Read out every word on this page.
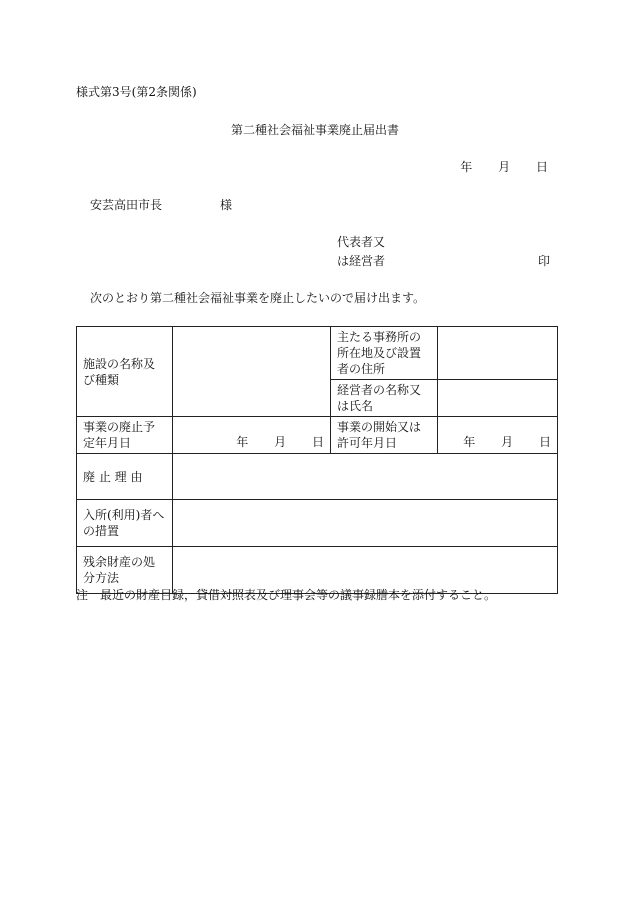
様式第3号(第2条関係)
第二種社会福祉事業廃止届出書
年 月 日
安芸高田市長	様
代表者又
は経営者	印
次のとおり第二種社会福祉事業を廃止したいので届け出ます。
施設の名称及び種類		主たる事務所の所在地及び設置者の住所	
		経営者の名称又は氏名	
事業の廃止予定年月日	年 月 日	事業の開始又は許可年月日	年 月 日
廃 止 理 由			
入所(利用)者への措置			
残余財産の処分方法			
注　最近の財産目録，貸借対照表及び理事会等の議事録謄本を添付すること。
